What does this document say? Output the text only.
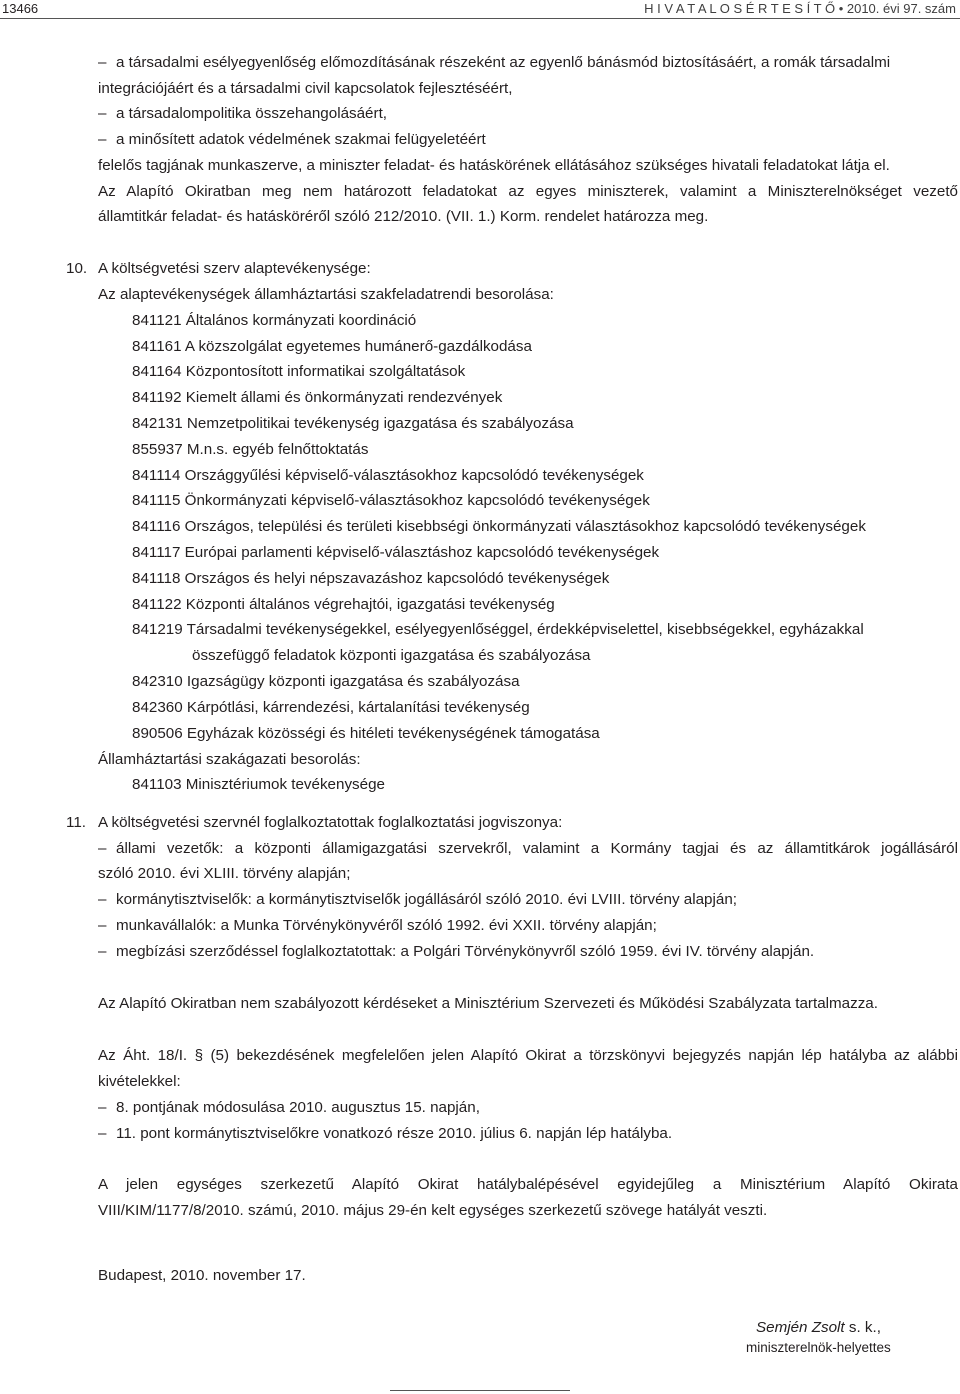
13466	H I V A T A L O S É R T E S Í T Ő • 2010. évi 97. szám
– a társadalmi esélyegyenlőség előmozdításának részeként az egyenlő bánásmód biztosításáért, a romák társadalmi
integrációjáért és a társadalmi civil kapcsolatok fejlesztéséért,
– a társadalompolitika összehangolásáért,
– a minősített adatok védelmének szakmai felügyeletéért
felelős tagjának munkaszerve, a miniszter feladat- és hatáskörének ellátásához szükséges hivatali feladatokat látja el.
Az Alapító Okiratban meg nem határozott feladatokat az egyes miniszterek, valamint a Miniszterelnökséget vezető
államtitkár feladat- és hatásköréről szóló 212/2010. (VII. 1.) Korm. rendelet határozza meg.
10. A költségvetési szerv alaptevékenysége:
Az alaptevékenységek államháztartási szakfeladatrendi besorolása:
841121 Általános kormányzati koordináció
841161 A közszolgálat egyetemes humánerő-gazdálkodása
841164 Központosított informatikai szolgáltatások
841192 Kiemelt állami és önkormányzati rendezvények
842131 Nemzetpolitikai tevékenység igazgatása és szabályozása
855937 M.n.s. egyéb felnőttoktatás
841114 Országgyűlési képviselő-választásokhoz kapcsolódó tevékenységek
841115 Önkormányzati képviselő-választásokhoz kapcsolódó tevékenységek
841116 Országos, települési és területi kisebbségi önkormányzati választásokhoz kapcsolódó tevékenységek
841117 Európai parlamenti képviselő-választáshoz kapcsolódó tevékenységek
841118 Országos és helyi népszavazáshoz kapcsolódó tevékenységek
841122 Központi általános végrehajtói, igazgatási tevékenység
841219 Társadalmi tevékenységekkel, esélyegyenlőséggel, érdekképviselettel, kisebbségekkel, egyházakkal
összefüggő feladatok központi igazgatása és szabályozása
842310 Igazságügy központi igazgatása és szabályozása
842360 Kárpótlási, kárrendezési, kártalanítási tevékenység
890506 Egyházak közösségi és hitéleti tevékenységének támogatása
Államháztartási szakágazati besorolás:
841103 Minisztériumok tevékenysége
11. A költségvetési szervnél foglalkoztatottak foglalkoztatási jogviszonya:
– állami vezetők: a központi államigazgatási szervekről, valamint a Kormány tagjai és az államtitkárok jogállásáról
szóló 2010. évi XLIII. törvény alapján;
– kormánytisztviselők: a kormánytisztviselők jogállásáról szóló 2010. évi LVIII. törvény alapján;
– munkavállalók: a Munka Törvénykönyvéről szóló 1992. évi XXII. törvény alapján;
– megbízási szerződéssel foglalkoztatottak: a Polgári Törvénykönyvről szóló 1959. évi IV. törvény alapján.
Az Alapító Okiratban nem szabályozott kérdéseket a Minisztérium Szervezeti és Működési Szabályzata tartalmazza.
Az Áht. 18/I. § (5) bekezdésének megfelelően jelen Alapító Okirat a törzskönyvi bejegyzés napján lép hatályba az alábbi
kivételekkel:
– 8. pontjának módosulása 2010. augusztus 15. napján,
– 11. pont kormánytisztviselőkre vonatkozó része 2010. július 6. napján lép hatályba.
A jelen egységes szerkezetű Alapító Okirat hatálybalépésével egyidejűleg a Minisztérium Alapító Okirata
VIII/KIM/1177/8/2010. számú, 2010. május 29-én kelt egységes szerkezetű szövege hatályát veszti.
Budapest, 2010. november 17.
Semjén Zsolt s. k.,
miniszterelnök-helyettes
